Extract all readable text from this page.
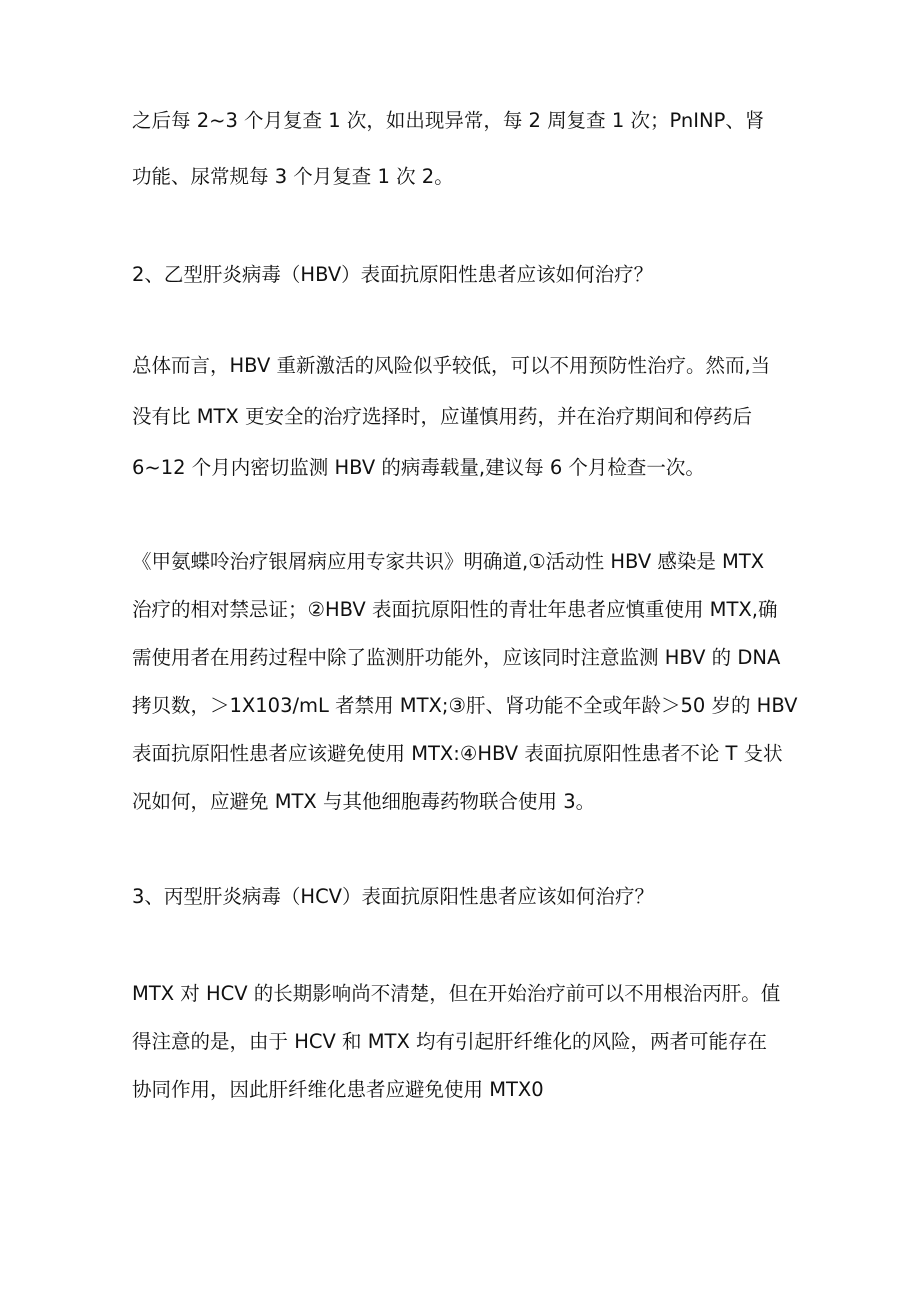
之后每 2~3 个月复查 1 次，如出现异常，每 2 周复查 1 次；PnINP、肾
功能、尿常规每 3 个月复查 1 次 2。
2、乙型肝炎病毒（HBV）表面抗原阳性患者应该如何治疗？
总体而言，HBV 重新激活的风险似乎较低，可以不用预防性治疗。然而,当
没有比 MTX 更安全的治疗选择时，应谨慎用药，并在治疗期间和停药后
6~12 个月内密切监测 HBV 的病毒载量,建议每 6 个月检查一次。
《甲氨蝶呤治疗银屑病应用专家共识》明确道,①活动性 HBV 感染是 MTX
治疗的相对禁忌证；②HBV 表面抗原阳性的青壮年患者应慎重使用 MTX,确
需使用者在用药过程中除了监测肝功能外，应该同时注意监测 HBV 的 DNA
拷贝数，＞1X103/mL 者禁用 MTX;③肝、肾功能不全或年龄＞50 岁的 HBV
表面抗原阳性患者应该避免使用 MTX:④HBV 表面抗原阳性患者不论 T 殳状
况如何，应避免 MTX 与其他细胞毒药物联合使用 3。
3、丙型肝炎病毒（HCV）表面抗原阳性患者应该如何治疗？
MTX 对 HCV 的长期影响尚不清楚，但在开始治疗前可以不用根治丙肝。值
得注意的是，由于 HCV 和 MTX 均有引起肝纤维化的风险，两者可能存在
协同作用，因此肝纤维化患者应避免使用 MTX0
